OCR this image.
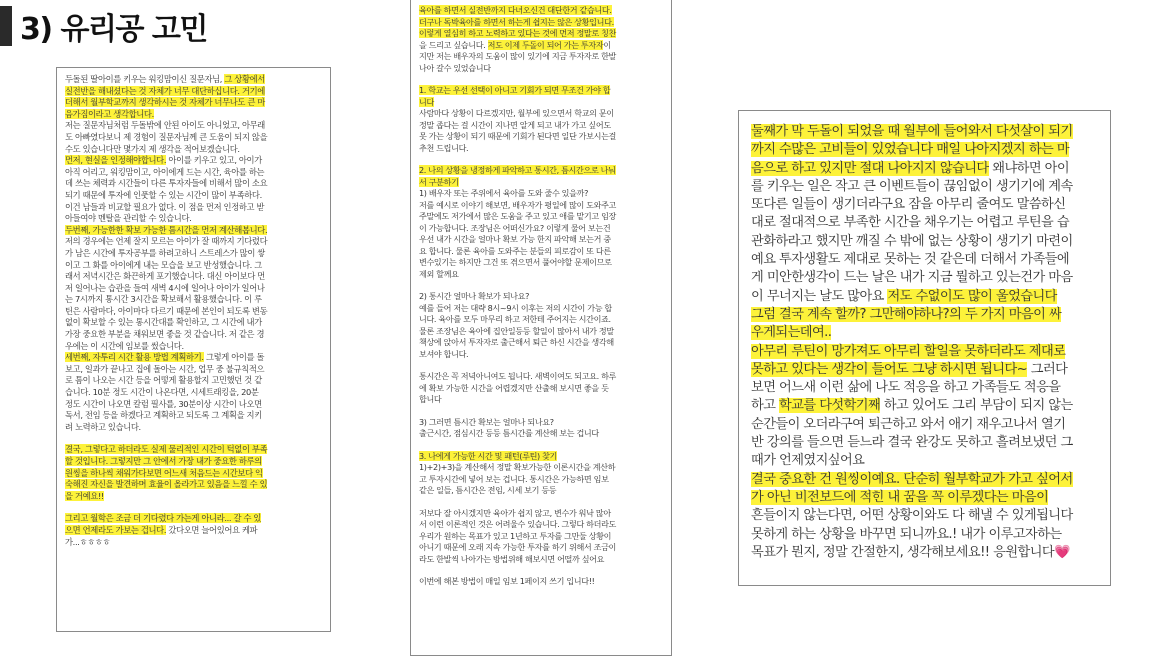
3) 유리공 고민
두돌된 딸아이를 키우는 워킹맘이신 질문자님, 그 상황에서
실전반을 해내셨다는 것 자체가 너무 대단하십니다. 거기에
더해서 월부학교까지 생각하시는 것 자체가 너무나도 큰 마
음가짐이라고 생각합니다.
저는 질문자님처럼 두돌밖에 안된 아이도 아니었고, 아무래
도 아빠였다보니 제 경험이 질문자님께 큰 도움이 되지 않을
수도 있습니다만 몇가지 제 생각을 적어보겠습니다.
먼저, 현실을 인정해야합니다. 아이를 키우고 있고, 아이가
아직 어리고, 워킹맘이고, 아이에게 드는 시간, 육아를 하는
데 쓰는 체력과 시간들이 다른 투자자들에 비해서 많이 소요
되기 때문에 투자에 인풋할 수 있는 시간이 많이 부족하다.
이건 남들과 비교할 필요가 없다. 이 점을 먼저 인정하고 받
아들여야 멘탈을 관리할 수 있습니다.
두번째, 가능한한 확보 가능한 틈시간을 먼저 계산해봅니다.
저의 경우에는 언제 잘지 모르는 아이가 잘 때까지 기다렸다
가 남은 시간에 투자공부를 하려고하니 스트레스가 많이 쌓
이고 그 화를 아이에게 내는 모습을 보고 반성했습니다. 그
래서 저녁시간은 화끈하게 포기했습니다. 대신 아이보다 먼
저 일어나는 습관을 들여 새벽 4시에 일어나 아이가 일어나
는 7시까지 통시간 3시간을 확보해서 활용했습니다. 이 루
틴은 사람마다, 아이마다 다르기 때문에 본인이 되도록 변동
없이 확보할 수 있는 통시간대를 확인하고, 그 시간에 내가
가장 중요한 부분을 채워보면 좋을 것 같습니다. 저 같은 경
우에는 이 시간에 임보를 썼습니다.
세번째, 자투리 시간 활용 방법 계획하기. 그렇게 아이를 돌
보고, 일과가 끝나고 집에 돌아는 시간, 업무 중 불규칙적으
로 틈이 나오는 시간 등을 어떻게 활용할지 고민했던 것 같
습니다. 10분 정도 시간이 나온다면, 시세트래킹을, 20분
정도 시간이 나오면 칼럼 필사를, 30분이상 시간이 나오면
독서, 전임 등을 하겠다고 계획하고 되도록 그 계획을 지키
려 노력하고 있습니다.

결국, 그렇다고 하더라도 실제 물리적인 시간이 턱없이 부족
할 것입니다. 그렇지만 그 안에서 가장 내가 중요한 하루의
원씽을 하나씩 채워가다보면 어느새 처음드는 시간보다 익
숙해진 자신을 발견하며 효율이 올라가고 있음을 느낄 수 있
을 거예요!!

그리고 월학은 조금 더 기다렸다 가는게 아니라... 갈 수 있
으면 언제라도 가보는 겁니다. 갔다오면 늘어있어요 케파
가...ㅎㅎㅎㅎ
육아를 하면서 실전반까지 다녀오신건 대단한거 같습니다.
더구나 독박육아를 하면서 하는게 쉽지는 않은 상황입니다.
이렇게 열심히 하고 노력하고 있다는 것에 먼저 정말로 칭찬
을 드리고 싶습니다. 저도 이제 두돌이 되어 가는 투자자이
지만 저는 배우자의 도움이 많이 있기에 지금 투자자로 한발
나아 갈수 있었습니다

1. 학교는 우선 선택이 아니고 기회가 되면 무조건 가야 합
니다
사람마다 상황이 다르겠지만, 월부에 있으면서 학교의 문이
정말 좁다는 걸 시간이 지나면 알게 되고 내가 가고 싶어도
못 가는 상황이 되기 때문에 기회가 된다면 일단 가보시는걸
추천 드립니다.

2. 나의 상황을 냉정하게 파악하고 통시간, 틈시간으로 나눠
서 구분하기
1) 배우자 또는 주위에서 육아를 도와 줄수 있을까?
저를 예시로 이야기 해보면, 배우자가 평일에 많이 도와주고
주말에도 저가에서 많은 도움을 주고 있고 애를 맡기고 임장
이 가능합니다. 조장님은 어떠신가요? 이렇게 물어 보는건
우선 내가 시간을 얼마나 확보 가능 한지 파악해 보는거 중
요 합니다. 물론 육아를 도와주는 분들의 피로감이 또 다른
변수있기는 하지만 그건 또 겪으면서 풀어야할 문제이므로
제외 할께요

2) 통시간 얼마나 확보가 되나요?
예를 들어 저는 대략 8시~9시 이후는 저의 시간이 가능 합
니다. 육아를 모두 마무리 하고 저한테 주어지는 시간이죠.
물론 조장님은 육아에 집안일등등 할일이 많아서 내가 정말
책상에 앉아서 투자자로 출근해서 퇴근 하신 시간을 생각해
보셔야 합니다.

통시간은 꼭 저녁아니여도 됩니다. 새벽이여도 되고요. 하루
에 확보 가능한 시간을 어렵겠지만 산출해 보시면 좋을 듯
합니다

3) 그러면 틈시간 확보는 얼마나 되나요?
출근시간, 점심시간 등등 틈시간를 계산해 보는 겁니다

3. 나에게 가능한 시간 및 패턴(루틴) 찾기
1)+2)+3)을 계산해서 정말 확보가능한 이론시간을 계산하
고 투자시간에 넣어 보는 겁니다. 통시간은 가능하면 임보
같은 일들, 틈시간은 전임, 시세 보기 등등

저보다 잘 아시겠지만 육아가 쉽지 않고, 변수가 워낙 많아
서 이런 이론적인 것은 어려울수 있습니다. 그렇다 하더라도
우리가 원하는 목표가 있고 1년하고 투자를 그만둘 상황이
아니기 때문에 오래 지속 가능한 투자를 하기 위해서 조금이
라도 한발씩 나아가는 방법위해 해보시면 어떨까 싶어요

이번에 해본 방법이 매일 임보 1페이지 쓰기 입니다!!
둘째가 막 두돌이 되었을 때 월부에 들어와서 다섯살이 되기
까지 수많은 고비들이 있었습니다 매일 나아지겠지 하는 마
음으로 하고 있지만 절대 나아지지 않습니다 왜냐하면 아이
를 키우는 일은 작고 큰 이벤트들이 끊임없이 생기기에 계속
또다른 일들이 생기더라구요 잠을 아무리 줄여도 말씀하신
대로 절대적으로 부족한 시간을 채우기는 어렵고 루틴을 습
관화하라고 했지만 깨질 수 밖에 없는 상황이 생기기 마련이
예요 투자생활도 제대로 못하는 것 같은데 더해서 가족들에
게 미안한생각이 드는 날은 내가 지금 뭘하고 있는건가 마음
이 무너지는 날도 많아요 저도 수없이도 많이 울었습니다
그럼 결국 계속 할까? 그만해야하나?의 두 가지 마음이 싸
우게되는데여..
아무리 루틴이 망가져도 아무리 할일을 못하더라도 제대로
못하고 있다는 생각이 들어도 그냥 하시면 됩니다~ 그러다
보면 어느새 이런 삶에 나도 적응을 하고 가족들도 적응을
하고 학교를 다섯학기째 하고 있어도 그리 부담이 되지 않는
순간들이 오더라구여 퇴근하고 와서 애기 재우고나서 열기
반 강의를 들으면 듣느라 결국 완강도 못하고 흘려보냈던 그
때가 언제였지싶어요
결국 중요한 건 원씽이예요. 단순히 월부학교가 가고 싶어서
가 아닌 비전보드에 적힌 내 꿈을 꼭 이루겠다는 마음이
흔들이지 않는다면, 어떤 상황이와도 다 해낼 수 있게됩니다
못하게 하는 상황을 바꾸면 되니까요.! 내가 이루고자하는
목표가 뭔지, 정말 간절한지, 생각해보세요!! 응원합니다💗
